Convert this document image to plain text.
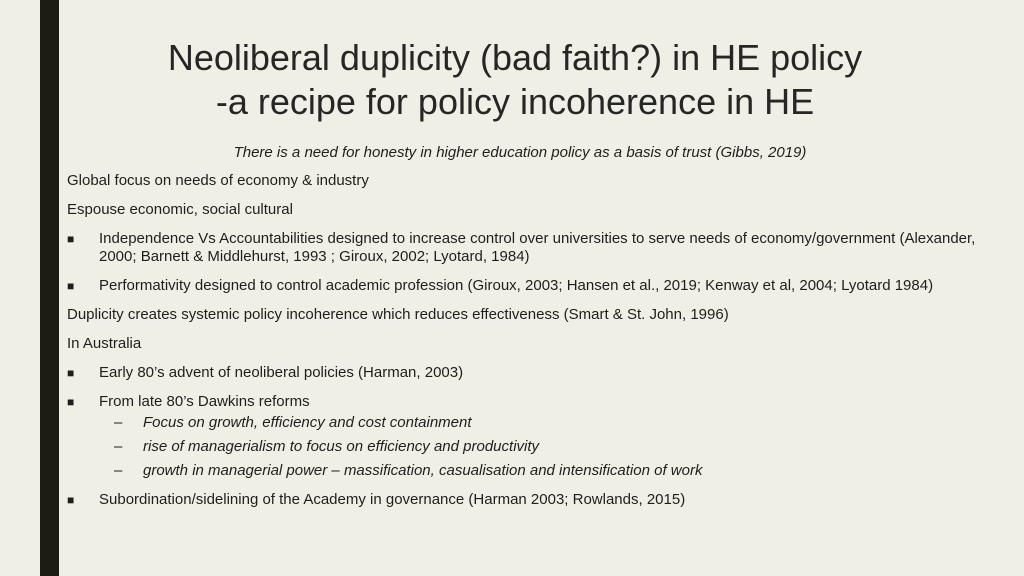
Neoliberal duplicity (bad faith?) in HE policy
-a recipe for policy incoherence in HE
There is a need for honesty in higher education policy as a basis of trust (Gibbs, 2019)

Global focus on needs of economy & industry

Espouse economic, social cultural

■ Independence Vs Accountabilities designed to increase control over universities to serve needs of economy/government (Alexander, 2000; Barnett & Middlehurst, 1993 ; Giroux, 2002; Lyotard, 1984)
■ Performativity designed to control academic profession (Giroux, 2003; Hansen et al., 2019; Kenway et al, 2004; Lyotard 1984)

Duplicity creates systemic policy incoherence which reduces effectiveness (Smart & St. John, 1996)

In Australia

■ Early 80’s advent of neoliberal policies (Harman, 2003)
■ From late 80’s Dawkins reforms
– Focus on growth, efficiency and cost containment
– rise of managerialism to focus on efficiency and productivity
– growth in managerial power – massification, casualisation and intensification of work
■ Subordination/sidelining of the Academy in governance (Harman 2003; Rowlands, 2015)
